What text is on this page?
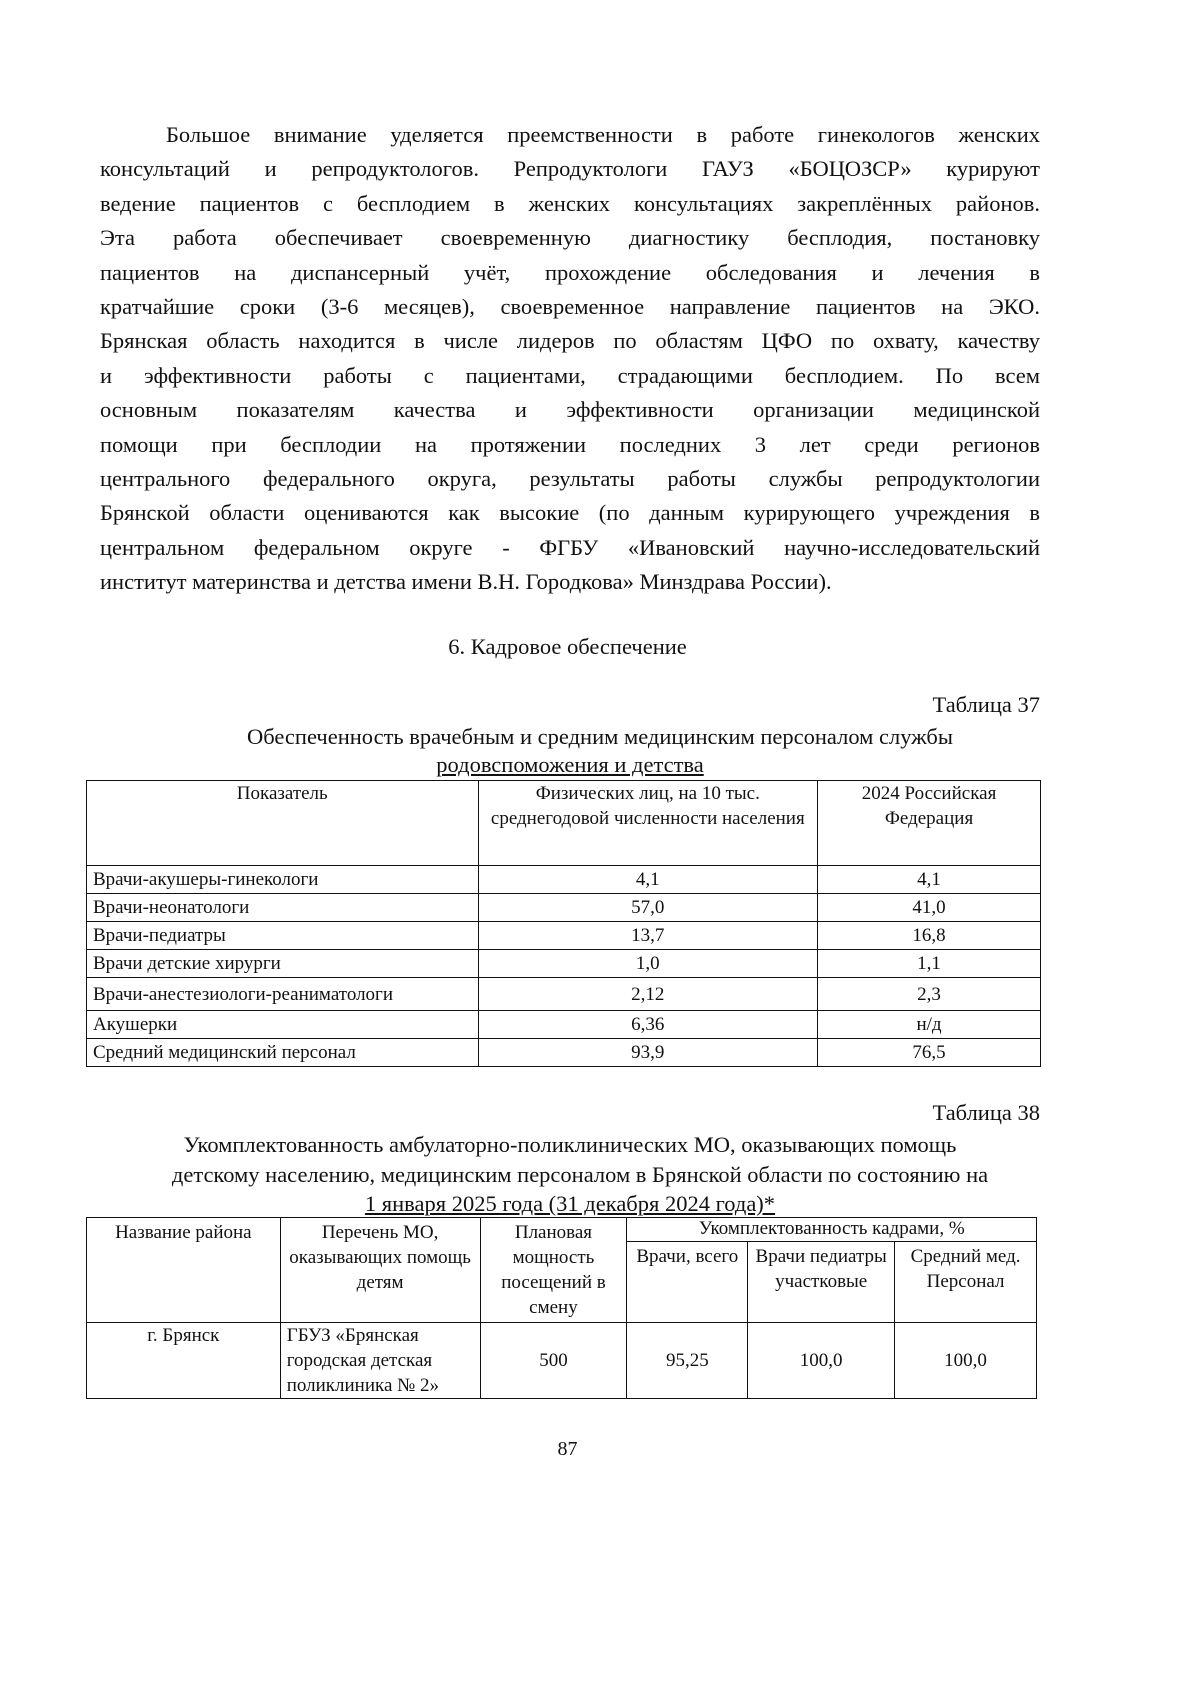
Большое внимание уделяется преемственности в работе гинекологов женских
консультаций и репродуктологов. Репродуктологи ГАУЗ «БОЦОЗСР» курируют
ведение пациентов с бесплодием в женских консультациях закреплённых районов.
Эта работа обеспечивает своевременную диагностику бесплодия, постановку
пациентов на диспансерный учёт, прохождение обследования и лечения в
кратчайшие сроки (3-6 месяцев), своевременное направление пациентов на ЭКО.
Брянская область находится в числе лидеров по областям ЦФО по охвату, качеству
и эффективности работы с пациентами, страдающими бесплодием. По всем
основным показателям качества и эффективности организации медицинской
помощи при бесплодии на протяжении последних 3 лет среди регионов
центрального федерального округа, результаты работы службы репродуктологии
Брянской области оцениваются как высокие (по данным курирующего учреждения в
центральном федеральном округе - ФГБУ «Ивановский научно-исследовательский
институт материнства и детства имени В.Н. Городкова» Минздрава России).
6. Кадровое обеспечение
Таблица 37
Обеспеченность врачебным и средним медицинским персоналом службы
родовспоможения и детства
Показатель	Физических лиц, на 10 тыс. среднегодовой численности населения	2024 Российская Федерация
Врачи-акушеры-гинекологи	4,1	4,1
Врачи-неонатологи	57,0	41,0
Врачи-педиатры	13,7	16,8
Врачи детские хирурги	1,0	1,1
Врачи-анестезиологи-реаниматологи	2,12	2,3
Акушерки	6,36	н/д
Средний медицинский персонал	93,9	76,5
Таблица 38
Укомплектованность амбулаторно-поликлинических МО, оказывающих помощь
детскому населению, медицинским персоналом в Брянской области по состоянию на
1 января 2025 года (31 декабря 2024 года)*
Название района	Перечень МО, оказывающих помощь детям	Плановая мощность посещений в смену	Укомплектованность кадрами, %		
			Врачи, всего	Врачи педиатры участковые	Средний мед. Персонал
г. Брянск	ГБУЗ «Брянская городская детская поликлиника № 2»	500	95,25	100,0	100,0
87
